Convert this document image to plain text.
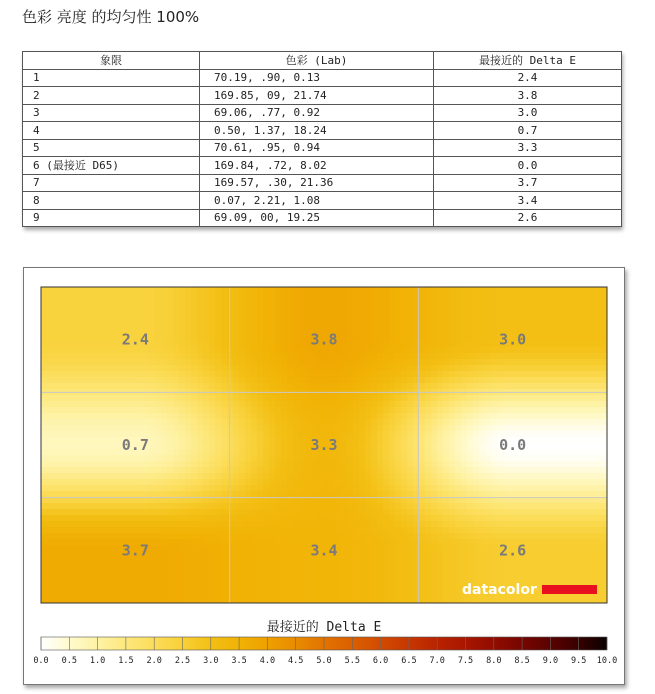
色彩 亮度 的均匀性 100%
象限	色彩 (Lab)	最接近的 Delta E
1	70.19, .90, 0.13	2.4
2	169.85, 09, 21.74	3.8
3	69.06, .77, 0.92	3.0
4	0.50, 1.37, 18.24	0.7
5	70.61, .95, 0.94	3.3
6 (最接近 D65)	169.84, .72, 8.02	0.0
7	169.57, .30, 21.36	3.7
8	0.07, 2.21, 1.08	3.4
9	69.09, 00, 19.25	2.6
2.4	3.8	3.0
0.7	3.3	0.0
3.7	3.4	2.6
datacolor
最接近的 Delta E
0.0 0.5 1.0 1.5 2.0 2.5 3.0 3.5 4.0 4.5 5.0 5.5 6.0 6.5 7.0 7.5 8.0 8.5 9.0 9.5 10.0
